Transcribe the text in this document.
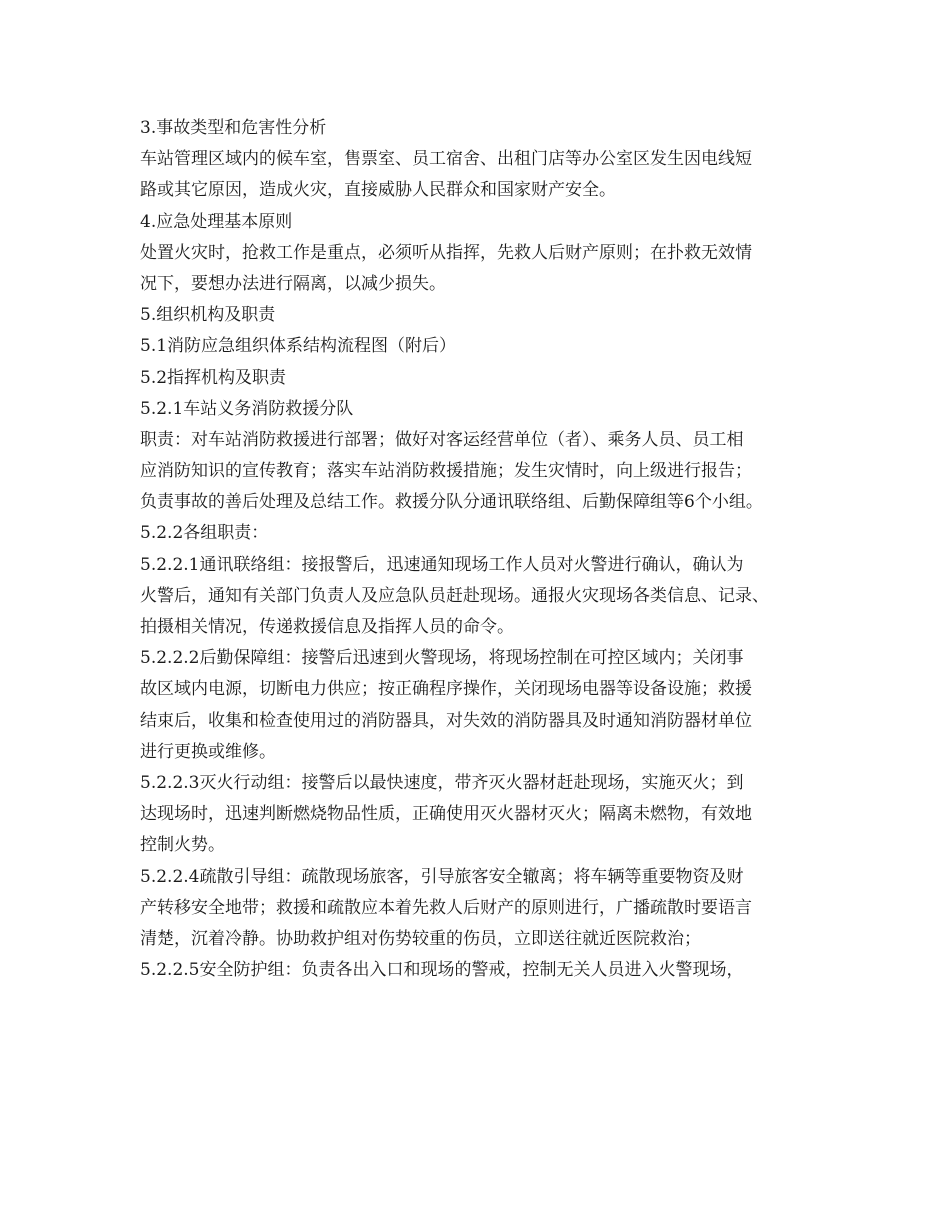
3.事故类型和危害性分析

车站管理区域内的候车室，售票室、员工宿舍、出租门店等办公室区发生因电线短

路或其它原因，造成火灾，直接威胁人民群众和国家财产安全。

4.应急处理基本原则

处置火灾时，抢救工作是重点，必须听从指挥，先救人后财产原则；在扑救无效情

况下，要想办法进行隔离，以减少损失。

5.组织机构及职责

5.1消防应急组织体系结构流程图（附后）

5.2指挥机构及职责

5.2.1车站义务消防救援分队

职责：对车站消防救援进行部署；做好对客运经营单位（者）、乘务人员、员工相

应消防知识的宣传教育；落实车站消防救援措施；发生灾情时，向上级进行报告；

负责事故的善后处理及总结工作。救援分队分通讯联络组、后勤保障组等6个小组。

5.2.2各组职责：

5.2.2.1通讯联络组：接报警后，迅速通知现场工作人员对火警进行确认，确认为

火警后，通知有关部门负责人及应急队员赶赴现场。通报火灾现场各类信息、记录、

拍摄相关情况，传递救援信息及指挥人员的命令。

5.2.2.2后勤保障组：接警后迅速到火警现场，将现场控制在可控区域内；关闭事

故区域内电源，切断电力供应；按正确程序操作，关闭现场电器等设备设施；救援

结束后，收集和检查使用过的消防器具，对失效的消防器具及时通知消防器材单位

进行更换或维修。

5.2.2.3灭火行动组：接警后以最快速度，带齐灭火器材赶赴现场，实施灭火；到

达现场时，迅速判断燃烧物品性质，正确使用灭火器材灭火；隔离未燃物，有效地

控制火势。

5.2.2.4疏散引导组：疏散现场旅客，引导旅客安全辙离；将车辆等重要物资及财

产转移安全地带；救援和疏散应本着先救人后财产的原则进行，广播疏散时要语言

清楚，沉着冷静。协助救护组对伤势较重的伤员，立即送往就近医院救治；

5.2.2.5安全防护组：负责各出入口和现场的警戒，控制无关人员进入火警现场，
